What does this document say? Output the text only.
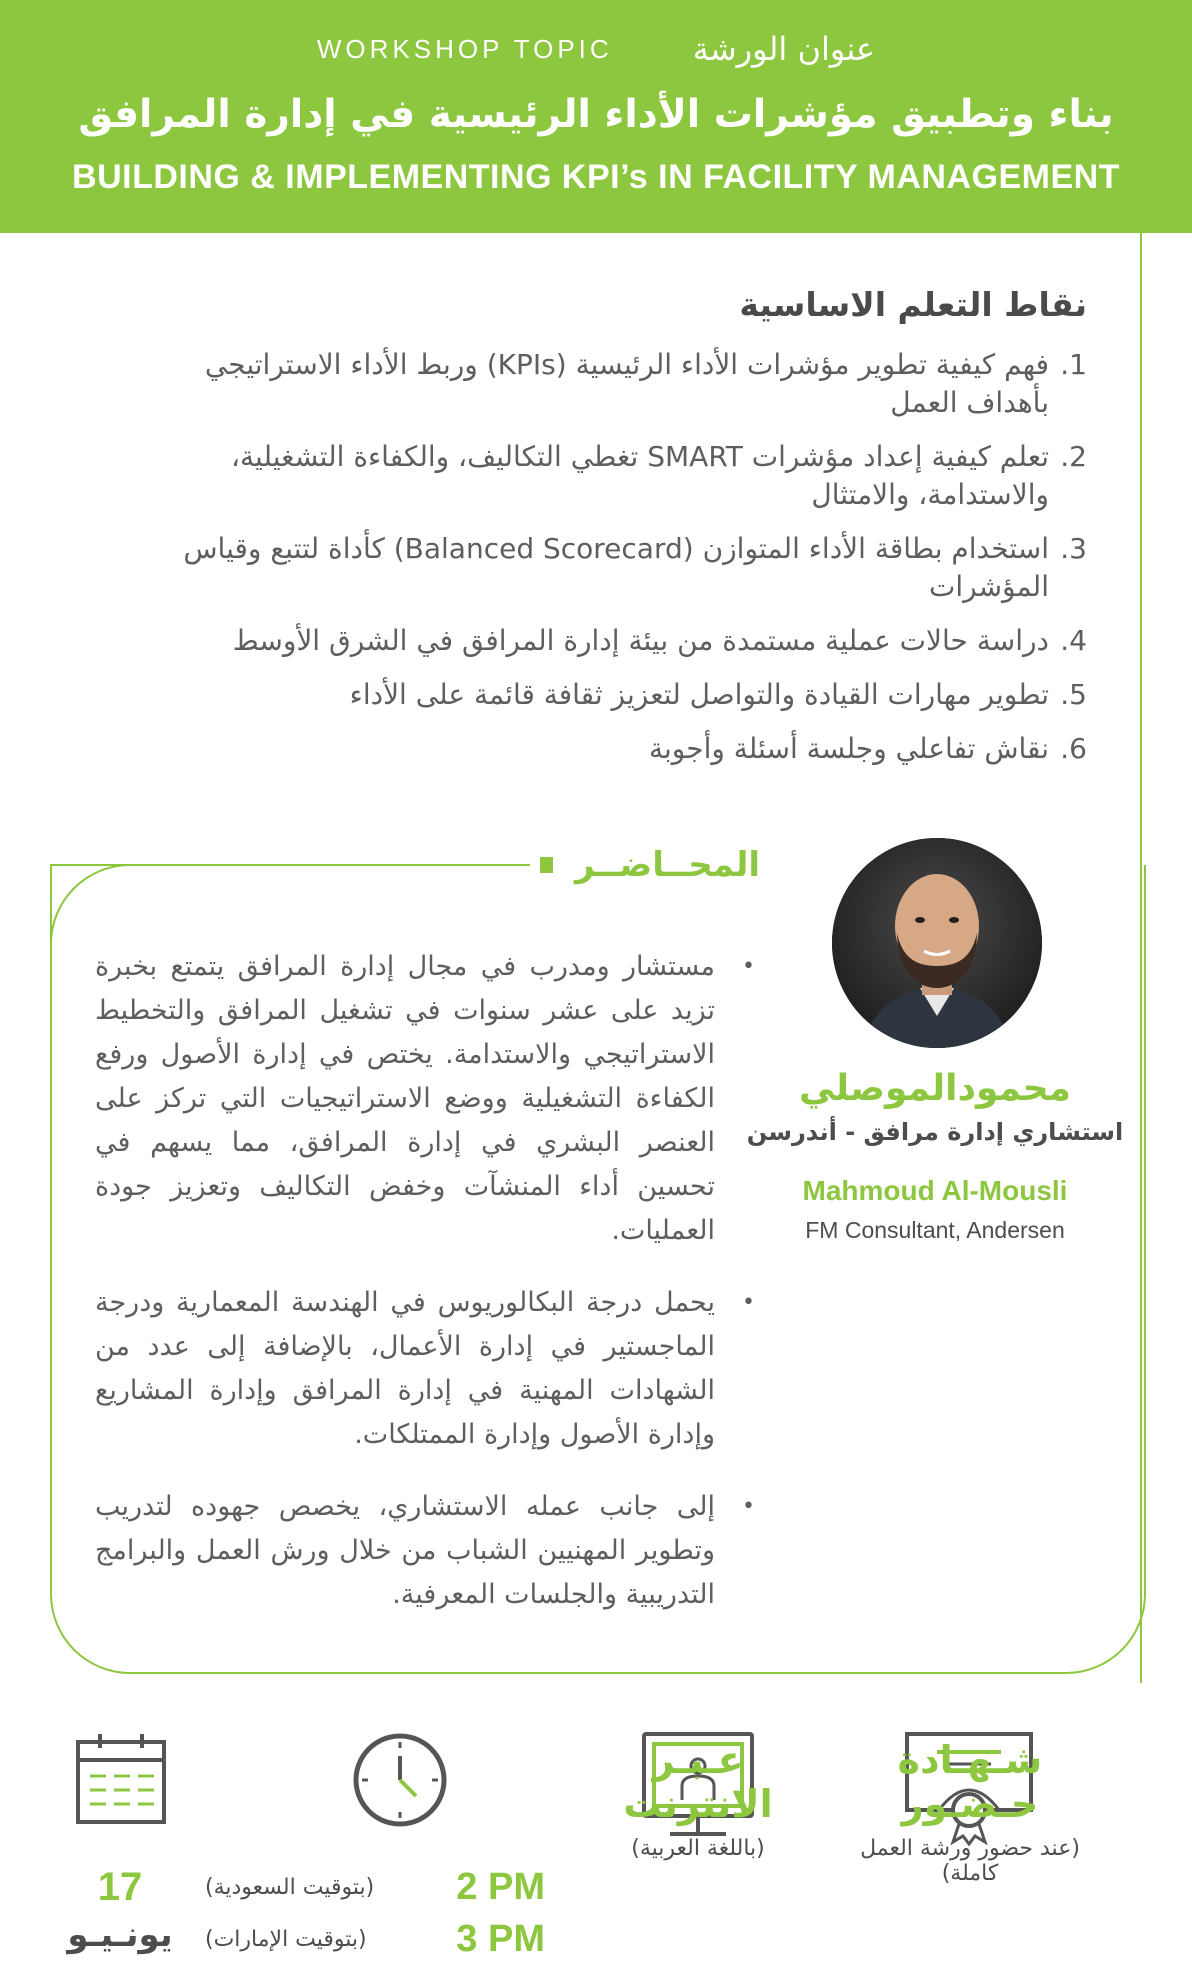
WORKSHOP TOPIC	عنوان الورشة
بناء وتطبيق مؤشرات الأداء الرئيسية في إدارة المرافق
BUILDING & IMPLEMENTING KPI’s IN FACILITY MANAGEMENT
نقاط التعلم الاساسية
1.
فهم كيفية تطوير مؤشرات الأداء الرئيسية (KPIs) وربط الأداء الاستراتيجي بأهداف العمل
2.
تعلم كيفية إعداد مؤشرات SMART تغطي التكاليف، والكفاءة التشغيلية، والاستدامة، والامتثال
3.
استخدام بطاقة الأداء المتوازن (Balanced Scorecard) كأداة لتتبع وقياس المؤشرات
4.
دراسة حالات عملية مستمدة من بيئة إدارة المرافق في الشرق الأوسط
5.
تطوير مهارات القيادة والتواصل لتعزيز ثقافة قائمة على الأداء
6.
نقاش تفاعلي وجلسة أسئلة وأجوبة
المحــاضــر
•
مستشار ومدرب في مجال إدارة المرافق يتمتع بخبرة تزيد على عشر سنوات في تشغيل المرافق والتخطيط الاستراتيجي والاستدامة. يختص في إدارة الأصول ورفع الكفاءة التشغيلية ووضع الاستراتيجيات التي تركز على العنصر البشري في إدارة المرافق، مما يسهم في تحسين أداء المنشآت وخفض التكاليف وتعزيز جودة العمليات.
•
يحمل درجة البكالوريوس في الهندسة المعمارية ودرجة الماجستير في إدارة الأعمال، بالإضافة إلى عدد من الشهادات المهنية في إدارة المرافق وإدارة المشاريع وإدارة الأصول وإدارة الممتلكات.
•
إلى جانب عمله الاستشاري، يخصص جهوده لتدريب وتطوير المهنيين الشباب من خلال ورش العمل والبرامج التدريبية والجلسات المعرفية.
محمودالموصلي
استشاري إدارة مرافق - أندرسن
Mahmoud Al-Mousli
FM Consultant, Andersen
شـهـادة حـضـور
(عند حضور ورشة العمل كاملة)
عـبـر الانترنت
(باللغة العربية)
(بتوقيت السعودية) 2 PM
(بتوقيت الإمارات) 3 PM
17
يونـيـو
